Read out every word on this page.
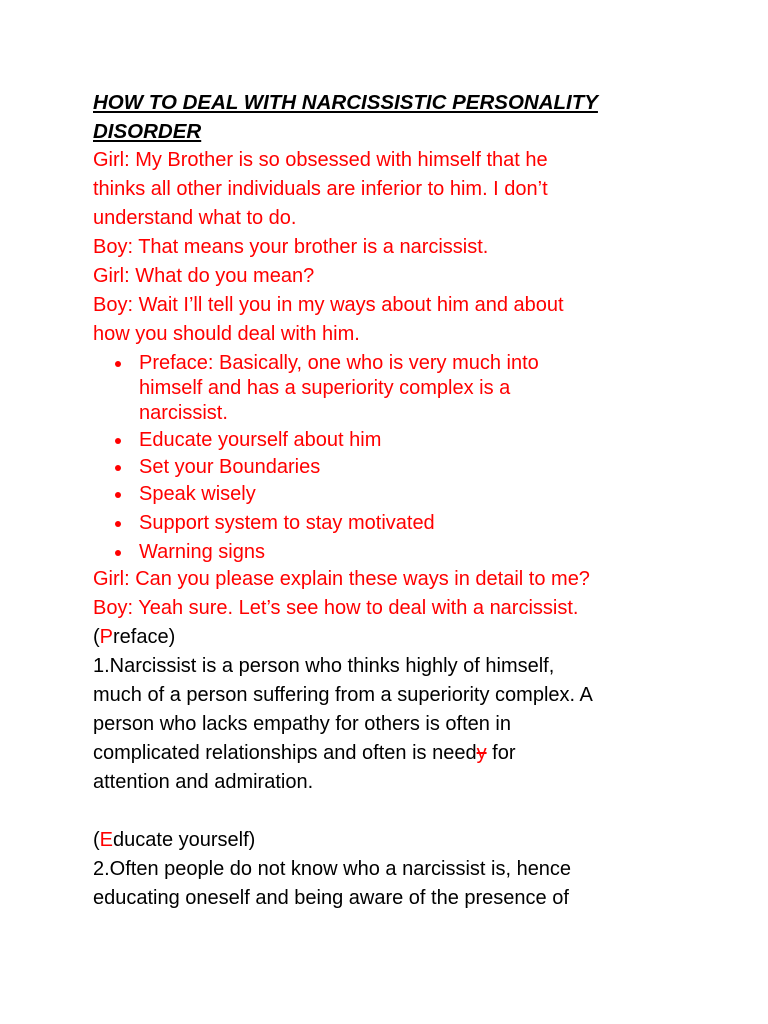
HOW TO DEAL WITH NARCISSISTIC PERSONALITY

DISORDER

Girl: My Brother is so obsessed with himself that he

thinks all other individuals are inferior to him. I don’t

understand what to do.

Boy: That means your brother is a narcissist.

Girl: What do you mean?

Boy: Wait I’ll tell you in my ways about him and about

how you should deal with him.

Preface: Basically, one who is very much into
himself and has a superiority complex is a
narcissist.
Educate yourself about him
Set your Boundaries
Speak wisely
Support system to stay motivated
Warning signs

Girl: Can you please explain these ways in detail to me?

Boy: Yeah sure. Let’s see how to deal with a narcissist.

(Preface)

1.Narcissist is a person who thinks highly of himself,

much of a person suffering from a superiority complex. A

person who lacks empathy for others is often in

complicated relationships and often is needy for

attention and admiration.

(Educate yourself)

2.Often people do not know who a narcissist is, hence

educating oneself and being aware of the presence of
